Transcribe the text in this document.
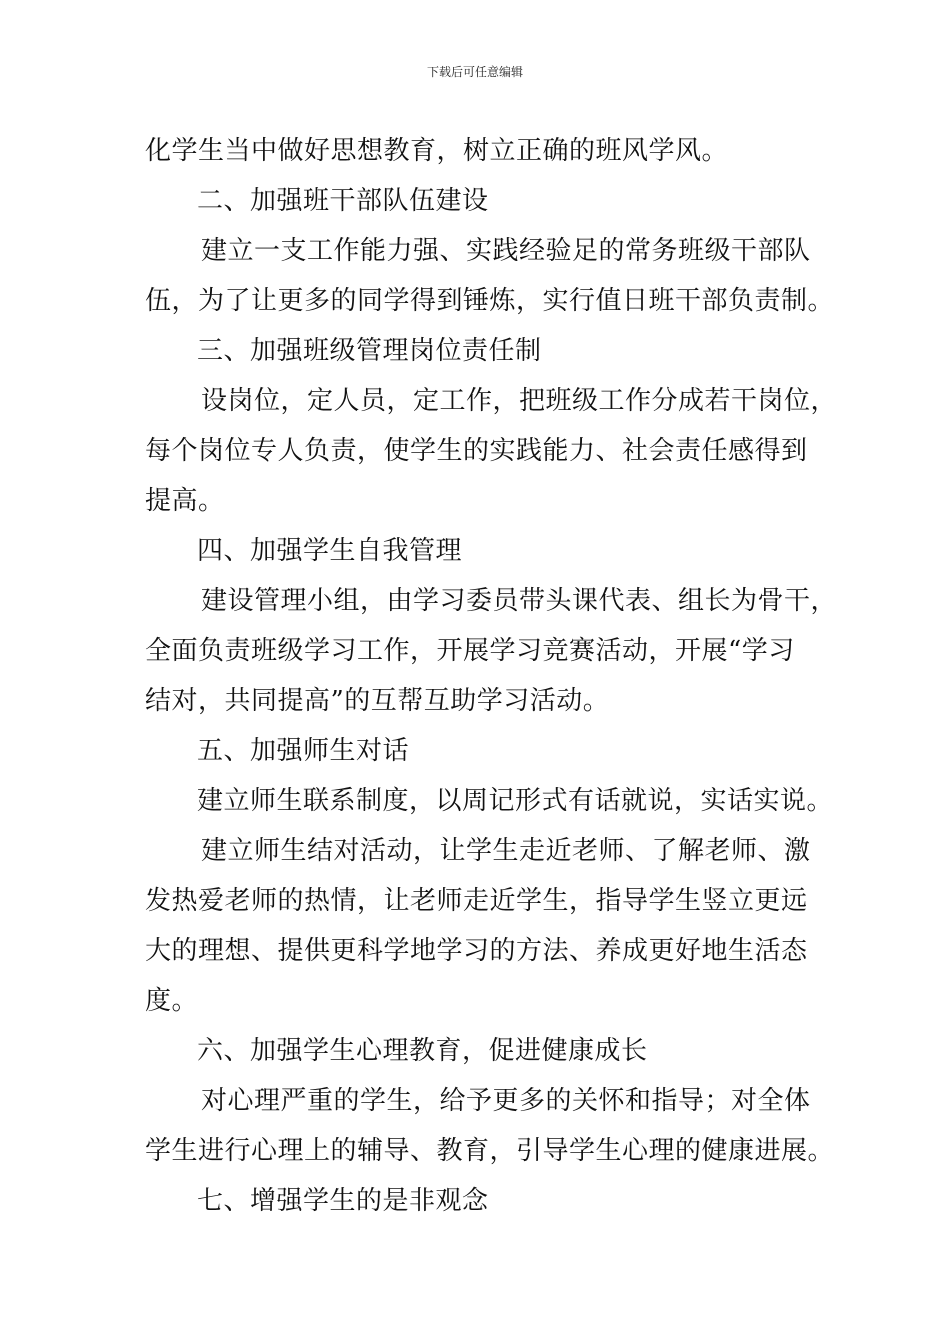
下载后可任意编辑
化学生当中做好思想教育，树立正确的班风学风。
二、加强班干部队伍建设
建立一支工作能力强、实践经验足的常务班级干部队
伍，为了让更多的同学得到锤炼，实行值日班干部负责制。
三、加强班级管理岗位责任制
设岗位，定人员，定工作，把班级工作分成若干岗位，
每个岗位专人负责，使学生的实践能力、社会责任感得到
提高。
四、加强学生自我管理
建设管理小组，由学习委员带头课代表、组长为骨干，
全面负责班级学习工作，开展学习竞赛活动，开展“学习
结对，共同提高”的互帮互助学习活动。
五、加强师生对话
建立师生联系制度，以周记形式有话就说，实话实说。
建立师生结对活动，让学生走近老师、了解老师、激
发热爱老师的热情，让老师走近学生，指导学生竖立更远
大的理想、提供更科学地学习的方法、养成更好地生活态
度。
六、加强学生心理教育，促进健康成长
对心理严重的学生，给予更多的关怀和指导；对全体
学生进行心理上的辅导、教育，引导学生心理的健康进展。
七、增强学生的是非观念
